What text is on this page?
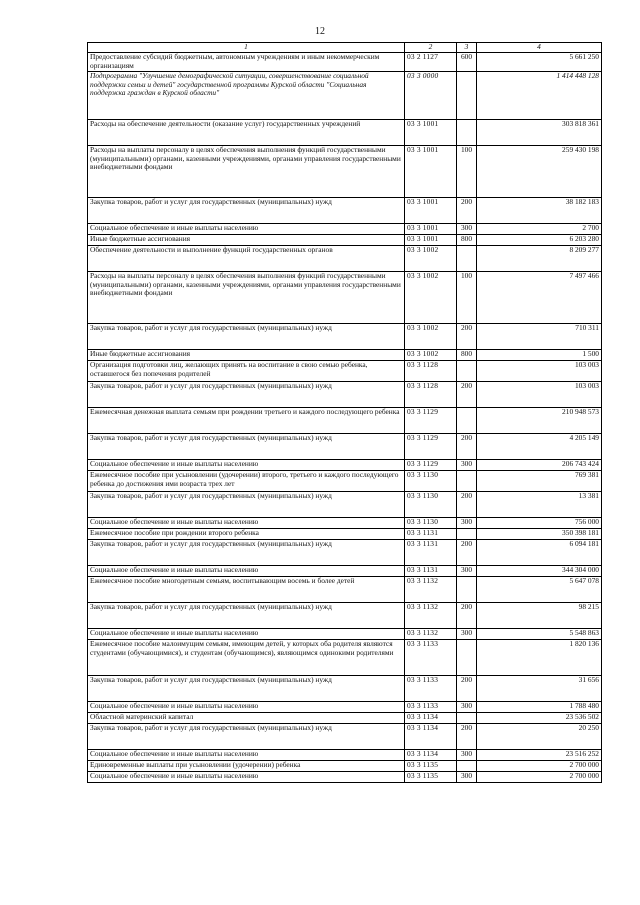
12
1	2	3	4
Предоставление субсидий бюджетным, автономным учреждениям и иным некоммерческим организациям	03 2 1127	600	5 661 250
Подпрограмма "Улучшение демографической ситуации, совершенствование социальной поддержки семьи и детей" государственной программы Курской области "Социальная поддержка граждан в Курской области"	03 3 0000		1 414 448 128
Расходы на обеспечение деятельности (оказание услуг) государственных учреждений	03 3 1001		303 818 361
Расходы на выплаты персоналу в целях обеспечения выполнения функций государственными (муниципальными) органами, казенными учреждениями, органами управления государственными внебюджетными фондами	03 3 1001	100	259 430 198
Закупка товаров, работ и услуг для государственных (муниципальных) нужд	03 3 1001	200	38 182 183
Социальное обеспечение и иные выплаты населению	03 3 1001	300	2 700
Иные бюджетные ассигнования	03 3 1001	800	6 203 280
Обеспечение деятельности и выполнение функций государственных органов	03 3 1002		8 209 277
Расходы на выплаты персоналу в целях обеспечения выполнения функций государственными (муниципальными) органами, казенными учреждениями, органами управления государственными внебюджетными фондами	03 3 1002	100	7 497 466
Закупка товаров, работ и услуг для государственных (муниципальных) нужд	03 3 1002	200	710 311
Иные бюджетные ассигнования	03 3 1002	800	1 500
Организация подготовки лиц, желающих принять на воспитание в свою семью ребенка, оставшегося без попечения родителей	03 3 1128		103 003
Закупка товаров, работ и услуг для государственных (муниципальных) нужд	03 3 1128	200	103 003
Ежемесячная денежная выплата семьям при рождении третьего и каждого последующего ребенка	03 3 1129		210 948 573
Закупка товаров, работ и услуг для государственных (муниципальных) нужд	03 3 1129	200	4 205 149
Социальное обеспечение и иные выплаты населению	03 3 1129	300	206 743 424
Ежемесячное пособие при усыновлении (удочерении) второго, третьего и каждого последующего ребенка до достижения ими возраста трех лет	03 3 1130		769 381
Закупка товаров, работ и услуг для государственных (муниципальных) нужд	03 3 1130	200	13 381
Социальное обеспечение и иные выплаты населению	03 3 1130	300	756 000
Ежемесячное пособие при рождении второго ребенка	03 3 1131		350 398 181
Закупка товаров, работ и услуг для государственных (муниципальных) нужд	03 3 1131	200	6 094 181
Социальное обеспечение и иные выплаты населению	03 3 1131	300	344 304 000
Ежемесячное пособие многодетным семьям, воспитывающим восемь и более детей	03 3 1132		5 647 078
Закупка товаров, работ и услуг для государственных (муниципальных) нужд	03 3 1132	200	98 215
Социальное обеспечение и иные выплаты населению	03 3 1132	300	5 548 863
Ежемесячное пособие малоимущим семьям, имеющим детей, у которых оба родителя являются студентами (обучающимися), и студентам (обучающимся), являющимся одинокими родителями	03 3 1133		1 820 136
Закупка товаров, работ и услуг для государственных (муниципальных) нужд	03 3 1133	200	31 656
Социальное обеспечение и иные выплаты населению	03 3 1133	300	1 788 480
Областной материнский капитал	03 3 1134		23 536 502
Закупка товаров, работ и услуг для государственных (муниципальных) нужд	03 3 1134	200	20 250
Социальное обеспечение и иные выплаты населению	03 3 1134	300	23 516 252
Единовременные выплаты при усыновлении (удочерении) ребенка	03 3 1135		2 700 000
Социальное обеспечение и иные выплаты населению	03 3 1135	300	2 700 000
